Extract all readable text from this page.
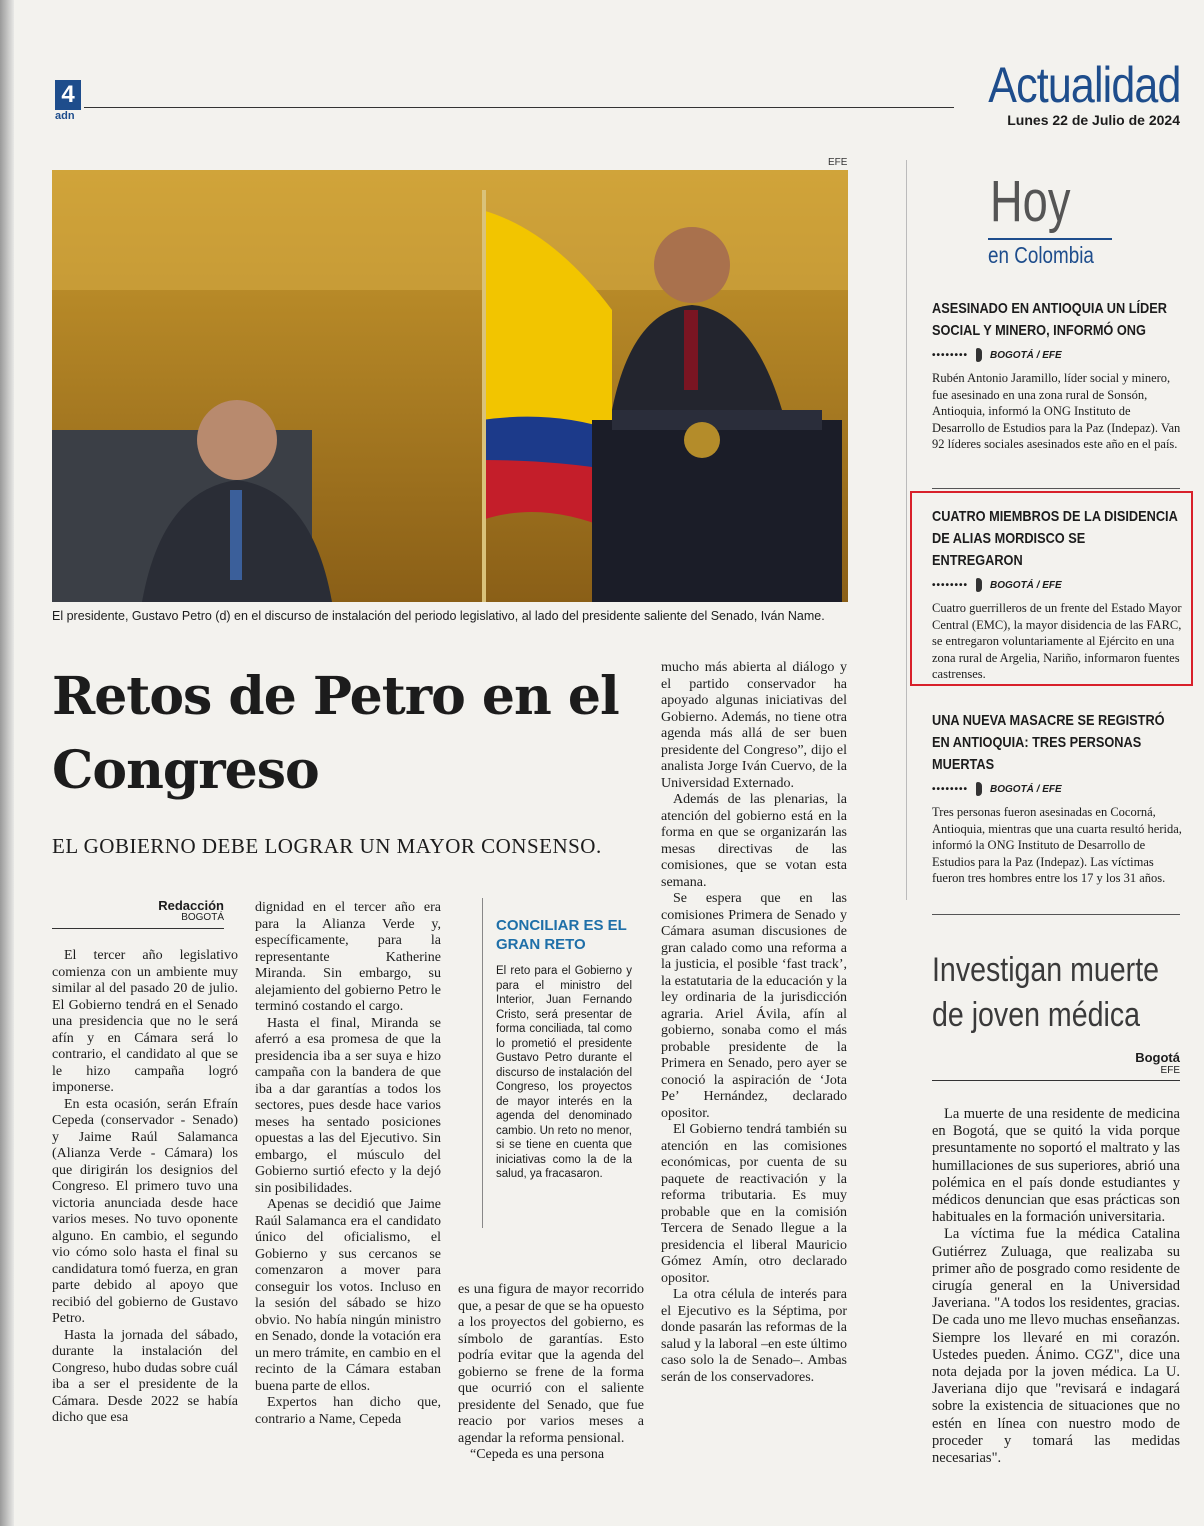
4
adn
Actualidad
Lunes 22 de Julio de 2024
EFE
El presidente, Gustavo Petro (d) en el discurso de instalación del periodo legislativo, al lado del presidente saliente del Senado, Iván Name.
Retos de Petro en el Congreso
EL GOBIERNO DEBE LOGRAR UN MAYOR CONSENSO.
Redacción
BOGOTÁ

El tercer año legislativo comienza con un ambiente muy similar al del pasado 20 de julio. El Gobierno tendrá en el Senado una presidencia que no le será afín y en Cámara será lo contrario, el candidato al que se le hizo campaña logró imponerse.

En esta ocasión, serán Efraín Cepeda (conservador - Senado) y Jaime Raúl Salamanca (Alianza Verde - Cámara) los que dirigirán los designios del Congreso. El primero tuvo una victoria anunciada desde hace varios meses. No tuvo oponente alguno. En cambio, el segundo vio cómo solo hasta el final su candidatura tomó fuerza, en gran parte debido al apoyo que recibió del gobierno de Gustavo Petro.

Hasta la jornada del sábado, durante la instalación del Congreso, hubo dudas sobre cuál iba a ser el presidente de la Cámara. Desde 2022 se había dicho que esa

dignidad en el tercer año era para la Alianza Verde y, específicamente, para la representante Katherine Miranda. Sin embargo, su alejamiento del gobierno Petro le terminó costando el cargo.

Hasta el final, Miranda se aferró a esa promesa de que la presidencia iba a ser suya e hizo campaña con la bandera de que iba a dar garantías a todos los sectores, pues desde hace varios meses ha sentado posiciones opuestas a las del Ejecutivo. Sin embargo, el músculo del Gobierno surtió efecto y la dejó sin posibilidades.

Apenas se decidió que Jaime Raúl Salamanca era el candidato único del oficialismo, el Gobierno y sus cercanos se comenzaron a mover para conseguir los votos. Incluso en la sesión del sábado se hizo obvio. No había ningún ministro en Senado, donde la votación era un mero trámite, en cambio en el recinto de la Cámara estaban buena parte de ellos.

Expertos han dicho que, contrario a Name, Cepeda

CONCILIAR ES EL GRAN RETO
El reto para el Gobierno y para el ministro del Interior, Juan Fernando Cristo, será presentar de forma conciliada, tal como lo prometió el presidente Gustavo Petro durante el discurso de instalación del Congreso, los proyectos de mayor interés en la agenda del denominado cambio. Un reto no menor, si se tiene en cuenta que iniciativas como la de la salud, ya fracasaron.

es una figura de mayor recorrido que, a pesar de que se ha opuesto a los proyectos del gobierno, es símbolo de garantías. Esto podría evitar que la agenda del gobierno se frene de la forma que ocurrió con el saliente presidente del Senado, que fue reacio por varios meses a agendar la reforma pensional.

“Cepeda es una persona

mucho más abierta al diálogo y el partido conservador ha apoyado algunas iniciativas del Gobierno. Además, no tiene otra agenda más allá de ser buen presidente del Congreso”, dijo el analista Jorge Iván Cuervo, de la Universidad Externado.

Además de las plenarias, la atención del gobierno está en la forma en que se organizarán las mesas directivas de las comisiones, que se votan esta semana.

Se espera que en las comisiones Primera de Senado y Cámara asuman discusiones de gran calado como una reforma a la justicia, el posible ‘fast track’, la estatutaria de la educación y la ley ordinaria de la jurisdicción agraria. Ariel Ávila, afín al gobierno, sonaba como el más probable presidente de la Primera en Senado, pero ayer se conoció la aspiración de ‘Jota Pe’ Hernández, declarado opositor.

El Gobierno tendrá también su atención en las comisiones económicas, por cuenta de su paquete de reactivación y la reforma tributaria. Es muy probable que en la comisión Tercera de Senado llegue a la presidencia el liberal Mauricio Gómez Amín, otro declarado opositor.

La otra célula de interés para el Ejecutivo es la Séptima, por donde pasarán las reformas de la salud y la laboral –en este último caso solo la de Senado–. Ambas serán de los conservadores.

Hoy
en Colombia
ASESINADO EN ANTIOQUIA UN LÍDER SOCIAL Y MINERO, INFORMÓ ONG
•••••••• BOGOTÁ / EFE
Rubén Antonio Jaramillo, líder social y minero, fue asesinado en una zona rural de Sonsón, Antioquia, informó la ONG Instituto de Desarrollo de Estudios para la Paz (Indepaz). Van 92 líderes sociales asesinados este año en el país.
CUATRO MIEMBROS DE LA DISIDENCIA DE ALIAS MORDISCO SE ENTREGARON
•••••••• BOGOTÁ / EFE
Cuatro guerrilleros de un frente del Estado Mayor Central (EMC), la mayor disidencia de las FARC, se entregaron voluntariamente al Ejército en una zona rural de Argelia, Nariño, informaron fuentes castrenses.
UNA NUEVA MASACRE SE REGISTRÓ EN ANTIOQUIA: TRES PERSONAS MUERTAS
•••••••• BOGOTÁ / EFE
Tres personas fueron asesinadas en Cocorná, Antioquia, mientras que una cuarta resultó herida, informó la ONG Instituto de Desarrollo de Estudios para la Paz (Indepaz). Las víctimas fueron tres hombres entre los 17 y los 31 años.
Investigan muerte de joven médica
Bogotá
EFE

La muerte de una residente de medicina en Bogotá, que se quitó la vida porque presuntamente no soportó el maltrato y las humillaciones de sus superiores, abrió una polémica en el país donde estudiantes y médicos denuncian que esas prácticas son habituales en la formación universitaria.

La víctima fue la médica Catalina Gutiérrez Zuluaga, que realizaba su primer año de posgrado como residente de cirugía general en la Universidad Javeriana. "A todos los residentes, gracias. De cada uno me llevo muchas enseñanzas. Siempre los llevaré en mi corazón. Ustedes pueden. Ánimo. CGZ", dice una nota dejada por la joven médica. La U. Javeriana dijo que "revisará e indagará sobre la existencia de situaciones que no estén en línea con nuestro modo de proceder y tomará las medidas necesarias".
